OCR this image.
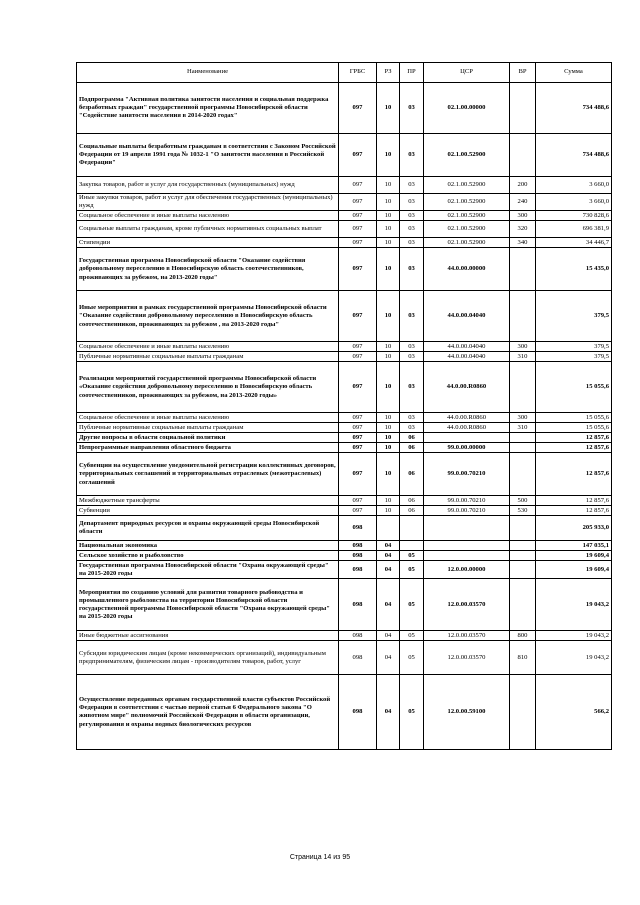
Наименование	ГРБС	РЗ	ПР	ЦСР	ВР	Сумма
Подпрограмма "Активная политика занятости населения и социальная поддержка безработных граждан" государственной программы Новосибирской области "Содействие занятости населения в 2014-2020 годах"	097	10	03	02.1.00.00000		734 488,6
Социальные выплаты безработным гражданам в соответствии с Законом Российской Федерации от 19 апреля 1991 года № 1032-1 "О занятости населения в Российской Федерации"	097	10	03	02.1.00.52900		734 488,6
Закупка товаров, работ и услуг для государственных (муниципальных) нужд	097	10	03	02.1.00.52900	200	3 660,0
Иные закупки товаров, работ и услуг для обеспечения государственных (муниципальных) нужд	097	10	03	02.1.00.52900	240	3 660,0
Социальное обеспечение и иные выплаты населению	097	10	03	02.1.00.52900	300	730 828,6
Социальные выплаты гражданам, кроме публичных нормативных социальных выплат	097	10	03	02.1.00.52900	320	696 381,9
Стипендии	097	10	03	02.1.00.52900	340	34 446,7
Государственная программа Новосибирской области "Оказание содействия добровольному переселению в Новосибирскую область соотечественников, проживающих за рубежом, на 2013-2020 годы"	097	10	03	44.0.00.00000		15 435,0
Иные мероприятия в рамках государственной программы Новосибирской области "Оказание содействия добровольному переселению в Новосибирскую область соотечественников, проживающих за рубежом , на 2013-2020 годы"	097	10	03	44.0.00.04040		379,5
Социальное обеспечение и иные выплаты населению	097	10	03	44.0.00.04040	300	379,5
Публичные нормативные социальные выплаты гражданам	097	10	03	44.0.00.04040	310	379,5
Реализация мероприятий государственной программы Новосибирской области «Оказание содействия добровольному переселению в Новосибирскую область соотечественников, проживающих за рубежом, на 2013-2020 годы»	097	10	03	44.0.00.R0860		15 055,6
Социальное обеспечение и иные выплаты населению	097	10	03	44.0.00.R0860	300	15 055,6
Публичные нормативные социальные выплаты гражданам	097	10	03	44.0.00.R0860	310	15 055,6
Другие вопросы в области социальной политики	097	10	06			12 857,6
Непрограммные направления областного бюджета	097	10	06	99.0.00.00000		12 857,6
Субвенции на осуществление уведомительной регистрации коллективных договоров, территориальных соглашений и территориальных отраслевых (межотраслевых) соглашений	097	10	06	99.0.00.70210		12 857,6
Межбюджетные трансферты	097	10	06	99.0.00.70210	500	12 857,6
Субвенции	097	10	06	99.0.00.70210	530	12 857,6
Департамент природных ресурсов и охраны окружающей среды Новосибирской области	098					205 933,0
Национальная экономика	098	04				147 035,1
Сельское хозяйство и рыболовство	098	04	05			19 609,4
Государственная программа Новосибирской области "Охрана окружающей среды" на 2015-2020 годы	098	04	05	12.0.00.00000		19 609,4
Мероприятия по созданию условий для развития товарного рыбоводства и промышленного рыболовства на территории Новосибирской области государственной программы Новосибирской области "Охрана окружающей среды" на 2015-2020 годы	098	04	05	12.0.00.03570		19 043,2
Иные бюджетные ассигнования	098	04	05	12.0.00.03570	800	19 043,2
Субсидии юридическим лицам (кроме некоммерческих организаций), индивидуальным предпринимателям, физическим лицам - производителям товаров, работ, услуг	098	04	05	12.0.00.03570	810	19 043,2
Осуществление переданных органам государственной власти субъектов Российской Федерации в соответствии с частью первой статьи 6 Федерального закона "О животном мире" полномочий Российской Федерации в области организации, регулирования и охраны водных биологических ресурсов	098	04	05	12.0.00.59100		566,2
Страница 14 из 95
